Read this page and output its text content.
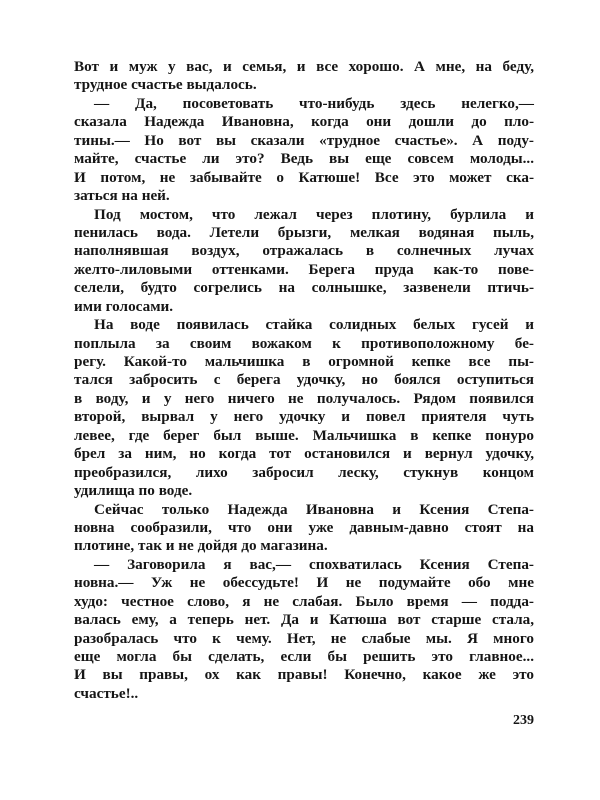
Вот и муж у вас, и семья, и все хорошо. А мне, на беду,
трудное счастье выдалось.
— Да, посоветовать что-нибудь здесь нелегко,—
сказала Надежда Ивановна, когда они дошли до пло-
тины.— Но вот вы сказали «трудное счастье». А поду-
майте, счастье ли это? Ведь вы еще совсем молоды...
И потом, не забывайте о Катюше! Все это может ска-
заться на ней.
Под мостом, что лежал через плотину, бурлила и
пенилась вода. Летели брызги, мелкая водяная пыль,
наполнявшая воздух, отражалась в солнечных лучах
желто-лиловыми оттенками. Берега пруда как-то пове-
селели, будто согрелись на солнышке, зазвенели птичь-
ими голосами.
На воде появилась стайка солидных белых гусей и
поплыла за своим вожаком к противоположному бе-
регу. Какой-то мальчишка в огромной кепке все пы-
тался забросить с берега удочку, но боялся оступиться
в воду, и у него ничего не получалось. Рядом появился
второй, вырвал у него удочку и повел приятеля чуть
левее, где берег был выше. Мальчишка в кепке понуро
брел за ним, но когда тот остановился и вернул удочку,
преобразился, лихо забросил леску, стукнув концом
удилища по воде.
Сейчас только Надежда Ивановна и Ксения Степа-
новна сообразили, что они уже давным-давно стоят на
плотине, так и не дойдя до магазина.
— Заговорила я вас,— спохватилась Ксения Степа-
новна.— Уж не обессудьте! И не подумайте обо мне
худо: честное слово, я не слабая. Было время — подда-
валась ему, а теперь нет. Да и Катюша вот старше стала,
разобралась что к чему. Нет, не слабые мы. Я много
еще могла бы сделать, если бы решить это главное...
И вы правы, ох как правы! Конечно, какое же это
счастье!..
239
